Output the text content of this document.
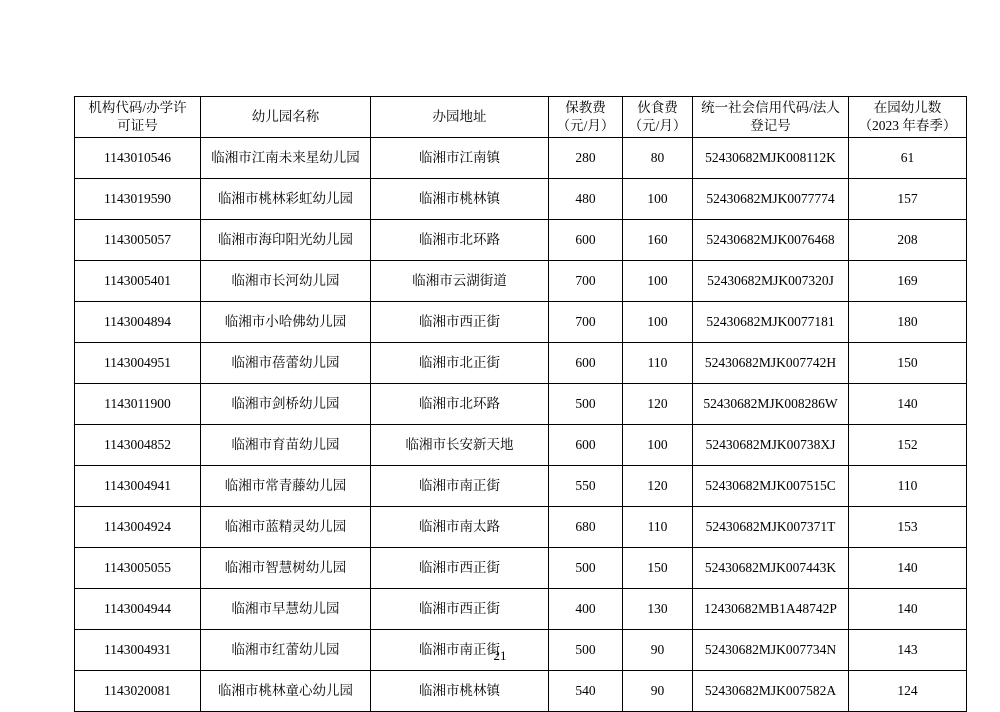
机构代码/办学许
可证号	幼儿园名称	办园地址	保教费
（元/月）	伙食费
（元/月）	统一社会信用代码/法人
登记号	在园幼儿数
（2023 年春季）

1143010546	临湘市江南未来星幼儿园	临湘市江南镇	280	80	52430682MJK008112K	61
1143019590	临湘市桃林彩虹幼儿园	临湘市桃林镇	480	100	52430682MJK0077774	157
1143005057	临湘市海印阳光幼儿园	临湘市北环路	600	160	52430682MJK0076468	208
1143005401	临湘市长河幼儿园	临湘市云湖街道	700	100	52430682MJK007320J	169
1143004894	临湘市小哈佛幼儿园	临湘市西正街	700	100	52430682MJK0077181	180
1143004951	临湘市蓓蕾幼儿园	临湘市北正街	600	110	52430682MJK007742H	150
1143011900	临湘市剑桥幼儿园	临湘市北环路	500	120	52430682MJK008286W	140
1143004852	临湘市育苗幼儿园	临湘市长安新天地	600	100	52430682MJK00738XJ	152
1143004941	临湘市常青藤幼儿园	临湘市南正街	550	120	52430682MJK007515C	110
1143004924	临湘市蓝精灵幼儿园	临湘市南太路	680	110	52430682MJK007371T	153
1143005055	临湘市智慧树幼儿园	临湘市西正街	500	150	52430682MJK007443K	140
1143004944	临湘市早慧幼儿园	临湘市西正街	400	130	12430682MB1A48742P	140
1143004931	临湘市红蕾幼儿园	临湘市南正街	500	90	52430682MJK007734N	143
1143020081	临湘市桃林童心幼儿园	临湘市桃林镇	540	90	52430682MJK007582A	124
21
